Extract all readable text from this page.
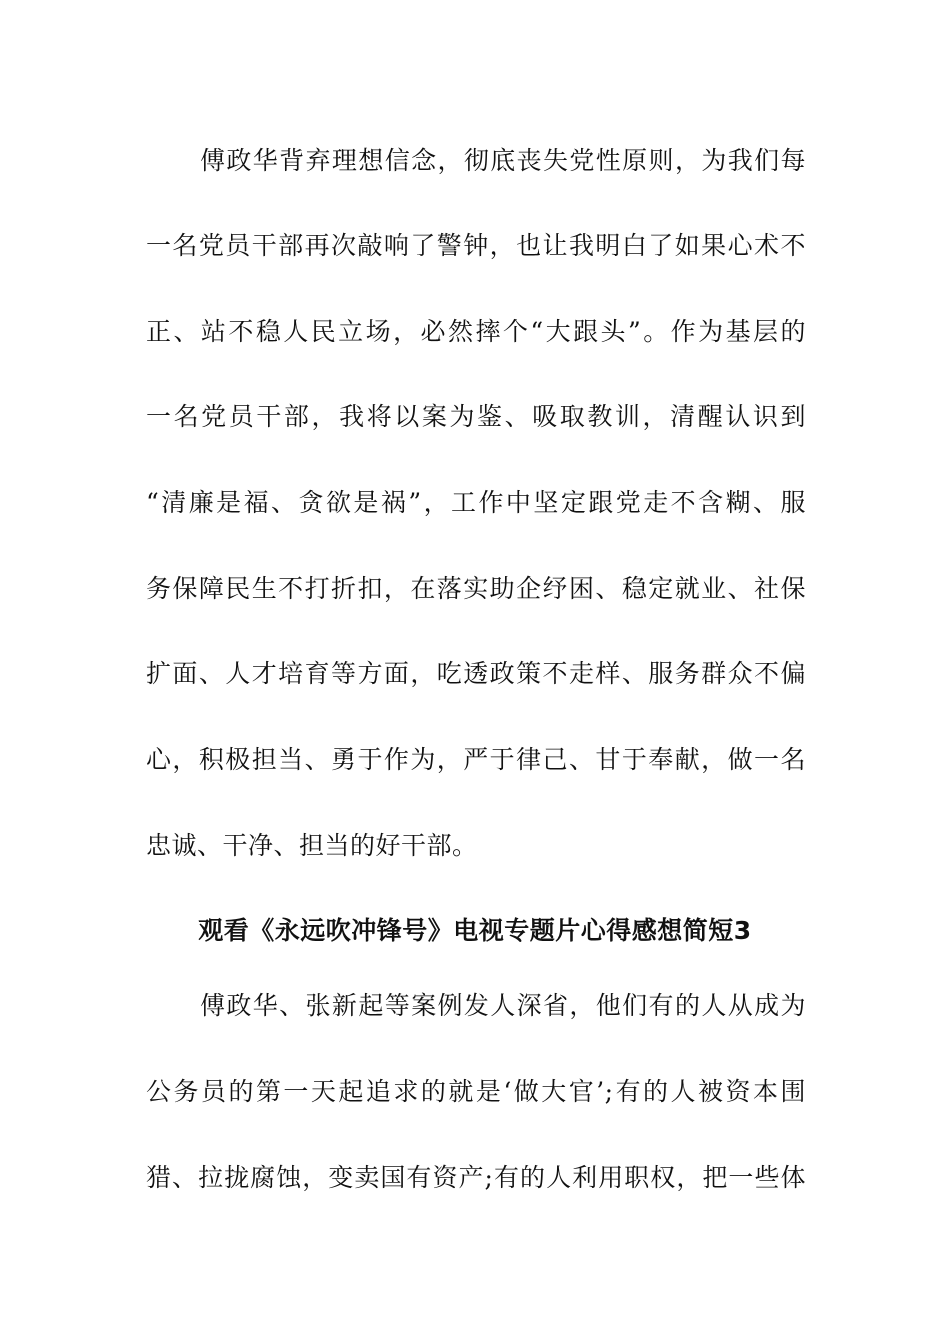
傅政华背弃理想信念，彻底丧失党性原则，为我们每
一名党员干部再次敲响了警钟，也让我明白了如果心术不
正、站不稳人民立场，必然摔个“大跟头”。作为基层的
一名党员干部，我将以案为鉴、吸取教训，清醒认识到
“清廉是福、贪欲是祸”，工作中坚定跟党走不含糊、服
务保障民生不打折扣，在落实助企纾困、稳定就业、社保
扩面、人才培育等方面，吃透政策不走样、服务群众不偏
心，积极担当、勇于作为，严于律己、甘于奉献，做一名
忠诚、干净、担当的好干部。
观看《永远吹冲锋号》电视专题片心得感想简短3
傅政华、张新起等案例发人深省，他们有的人从成为
公务员的第一天起追求的就是‘做大官’;有的人被资本围
猎、拉拢腐蚀，变卖国有资产;有的人利用职权，把一些体
